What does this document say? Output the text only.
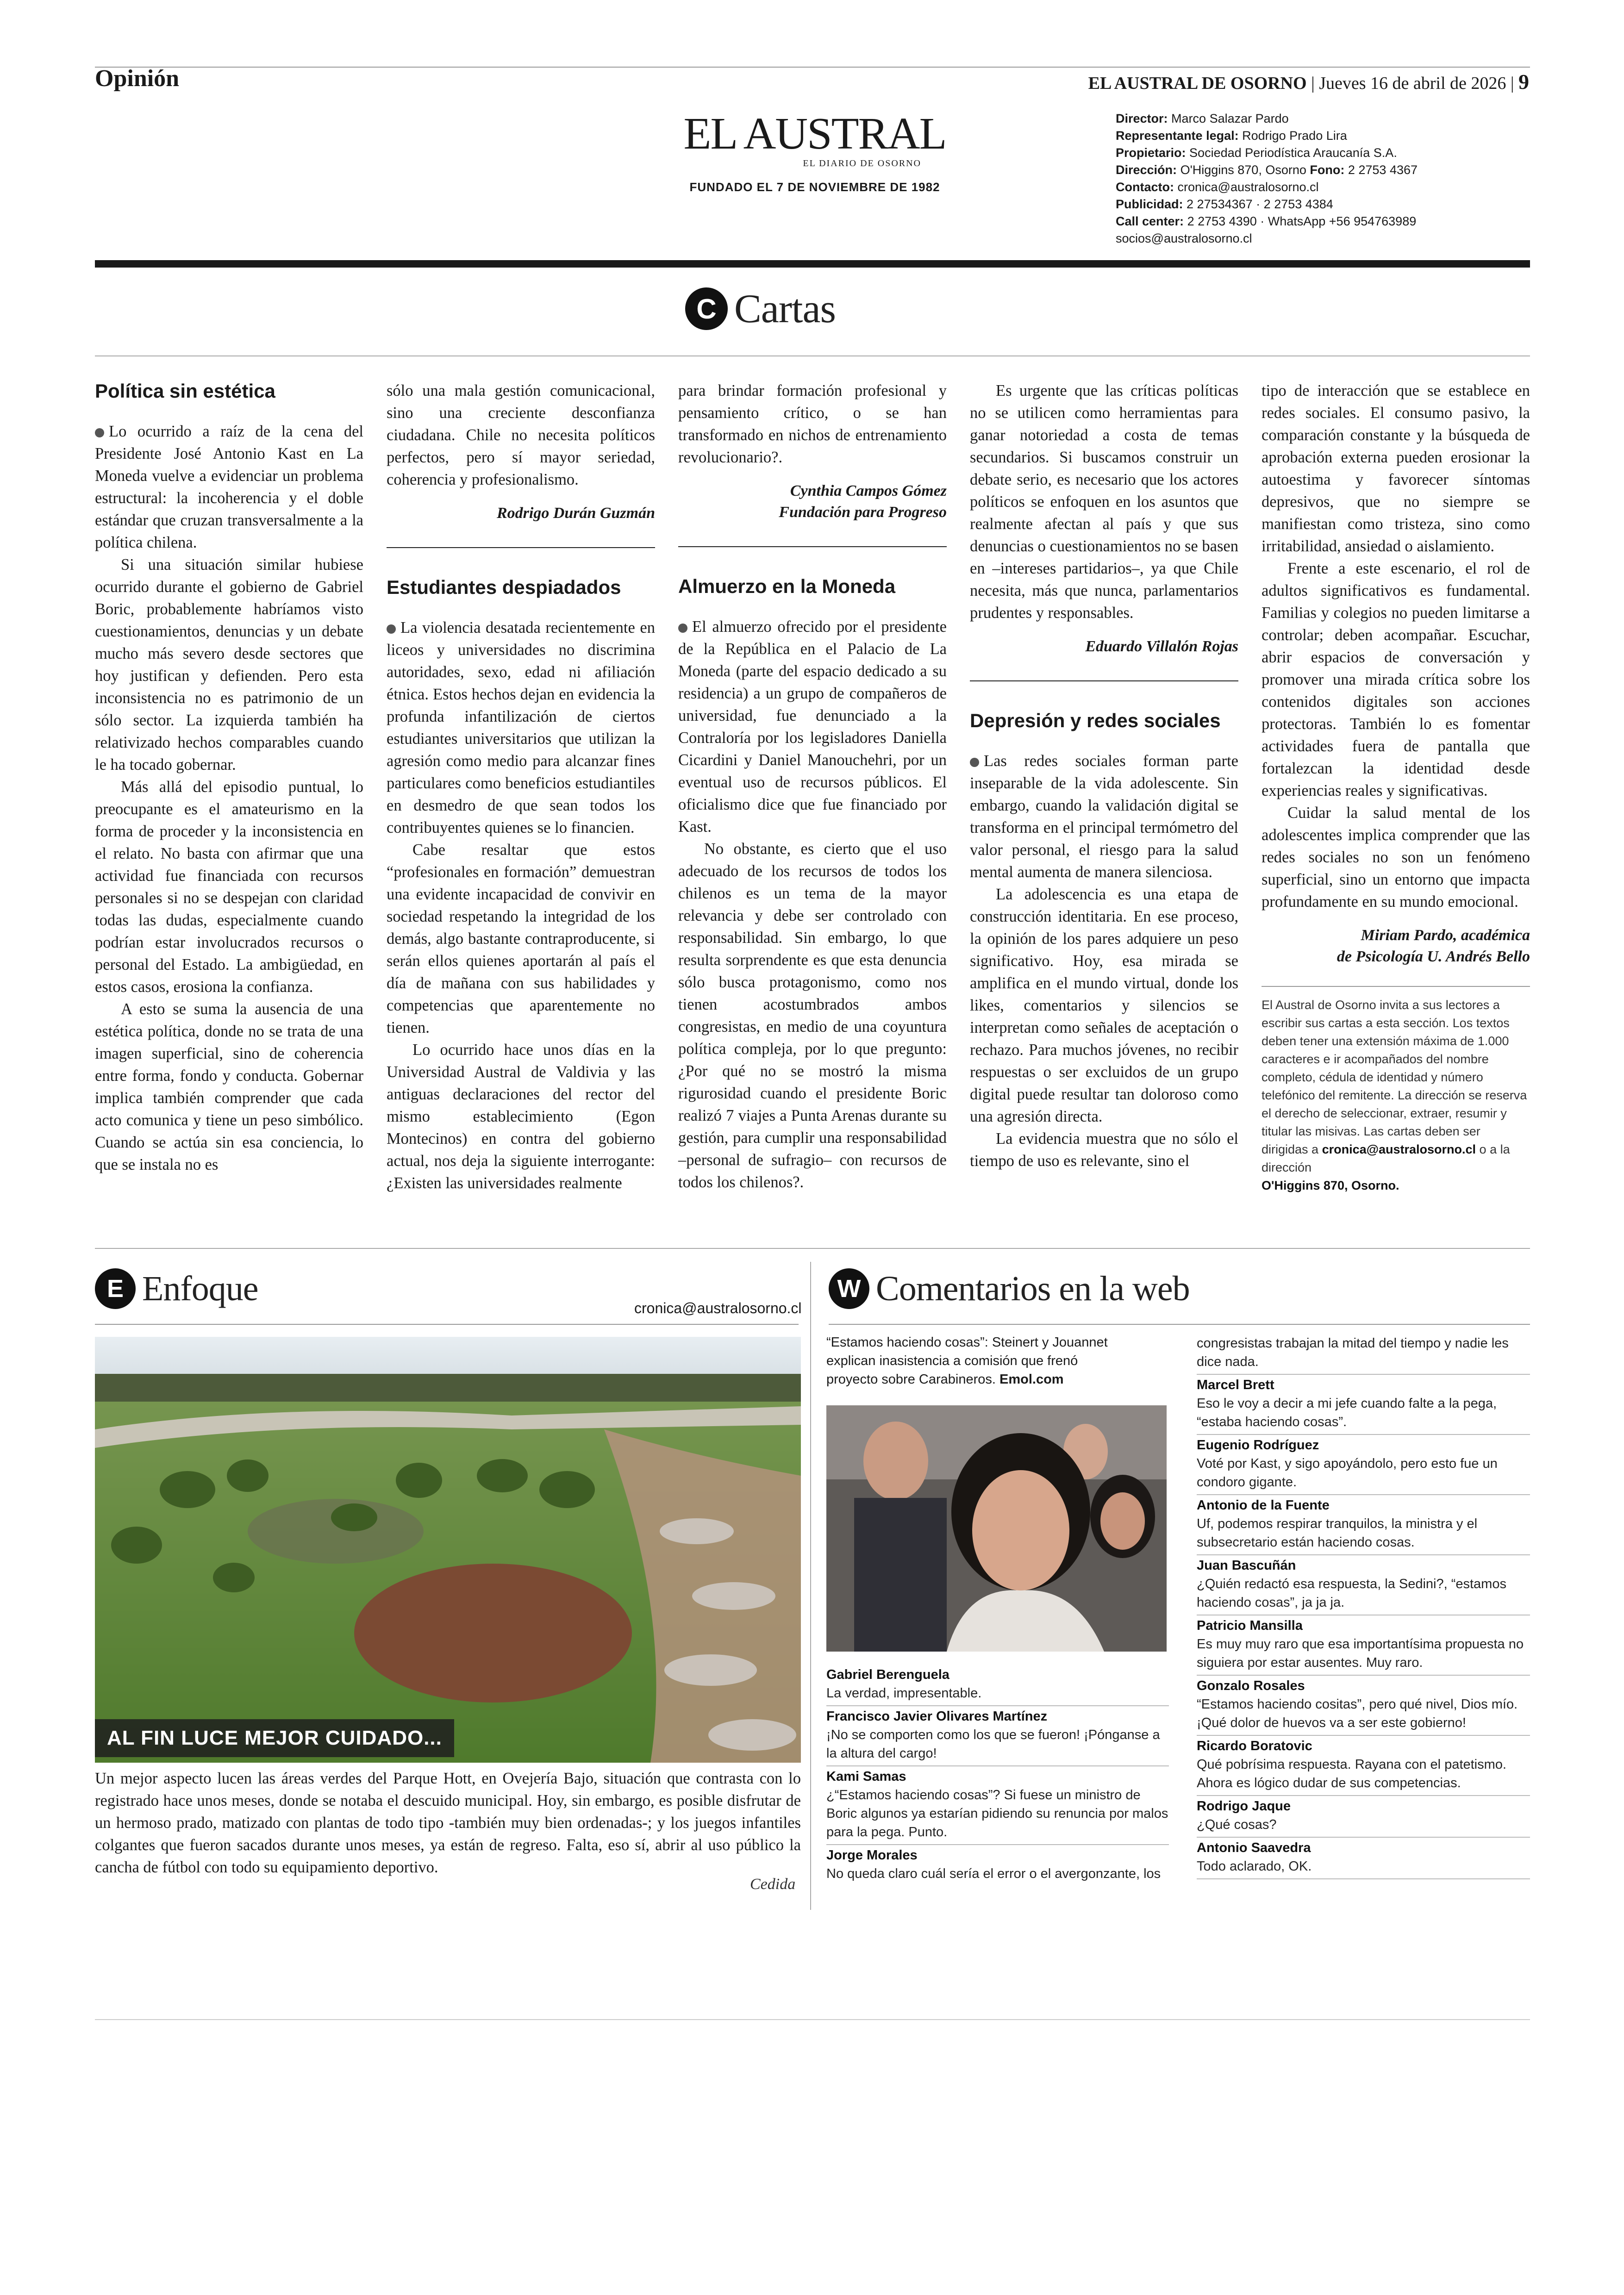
Opinión	EL AUSTRAL DE OSORNO | Jueves 16 de abril de 2026 | 9
EL AUSTRAL
EL DIARIO DE OSORNO
FUNDADO EL 7 DE NOVIEMBRE DE 1982
Director: Marco Salazar Pardo
Representante legal: Rodrigo Prado Lira
Propietario: Sociedad Periodística Araucanía S.A.
Dirección: O'Higgins 870, Osorno Fono: 2 2753 4367
Contacto: cronica@australosorno.cl
Publicidad: 2 27534367 · 2 2753 4384
Call center: 2 2753 4390 · WhatsApp +56 954763989
socios@australosorno.cl
C Cartas
Política sin estética

Lo ocurrido a raíz de la cena del Presidente José Antonio Kast en La Moneda vuelve a evidenciar un problema estructural: la incoherencia y el doble estándar que cruzan transversalmente a la política chilena.

Si una situación similar hubiese ocurrido durante el gobierno de Gabriel Boric, probablemente habríamos visto cuestionamientos, denuncias y un debate mucho más severo desde sectores que hoy justifican y defienden. Pero esta inconsistencia no es patrimonio de un sólo sector. La izquierda también ha relativizado hechos comparables cuando le ha tocado gobernar.

Más allá del episodio puntual, lo preocupante es el amateurismo en la forma de proceder y la inconsistencia en el relato. No basta con afirmar que una actividad fue financiada con recursos personales si no se despejan con claridad todas las dudas, especialmente cuando podrían estar involucrados recursos o personal del Estado. La ambigüedad, en estos casos, erosiona la confianza.

A esto se suma la ausencia de una estética política, donde no se trata de una imagen superficial, sino de coherencia entre forma, fondo y conducta. Gobernar implica también comprender que cada acto comunica y tiene un peso simbólico. Cuando se actúa sin esa conciencia, lo que se instala no es

sólo una mala gestión comunicacional, sino una creciente desconfianza ciudadana. Chile no necesita políticos perfectos, pero sí mayor seriedad, coherencia y profesionalismo.

Rodrigo Durán Guzmán
Estudiantes despiadados

La violencia desatada recientemente en liceos y universidades no discrimina autoridades, sexo, edad ni afiliación étnica. Estos hechos dejan en evidencia la profunda infantilización de ciertos estudiantes universitarios que utilizan la agresión como medio para alcanzar fines particulares como beneficios estudiantiles en desmedro de que sean todos los contribuyentes quienes se lo financien.

Cabe resaltar que estos “profesionales en formación” demuestran una evidente incapacidad de convivir en sociedad respetando la integridad de los demás, algo bastante contraproducente, si serán ellos quienes aportarán al país el día de mañana con sus habilidades y competencias que aparentemente no tienen.

Lo ocurrido hace unos días en la Universidad Austral de Valdivia y las antiguas declaraciones del rector del mismo establecimiento (Egon Montecinos) en contra del gobierno actual, nos deja la siguiente interrogante: ¿Existen las universidades realmente

para brindar formación profesional y pensamiento crítico, o se han transformado en nichos de entrenamiento revolucionario?.

Cynthia Campos Gómez
Fundación para Progreso
Almuerzo en la Moneda

El almuerzo ofrecido por el presidente de la República en el Palacio de La Moneda (parte del espacio dedicado a su residencia) a un grupo de compañeros de universidad, fue denunciado a la Contraloría por los legisladores Daniella Cicardini y Daniel Manouchehri, por un eventual uso de recursos públicos. El oficialismo dice que fue financiado por Kast.

No obstante, es cierto que el uso adecuado de los recursos de todos los chilenos es un tema de la mayor relevancia y debe ser controlado con responsabilidad. Sin embargo, lo que resulta sorprendente es que esta denuncia sólo busca protagonismo, como nos tienen acostumbrados ambos congresistas, en medio de una coyuntura política compleja, por lo que pregunto: ¿Por qué no se mostró la misma rigurosidad cuando el presidente Boric realizó 7 viajes a Punta Arenas durante su gestión, para cumplir una responsabilidad –personal de sufragio– con recursos de todos los chilenos?.

Es urgente que las críticas políticas no se utilicen como herramientas para ganar notoriedad a costa de temas secundarios. Si buscamos construir un debate serio, es necesario que los actores políticos se enfoquen en los asuntos que realmente afectan al país y que sus denuncias o cuestionamientos no se basen en –intereses partidarios–, ya que Chile necesita, más que nunca, parlamentarios prudentes y responsables.

Eduardo Villalón Rojas
Depresión y redes sociales

Las redes sociales forman parte inseparable de la vida adolescente. Sin embargo, cuando la validación digital se transforma en el principal termómetro del valor personal, el riesgo para la salud mental aumenta de manera silenciosa.

La adolescencia es una etapa de construcción identitaria. En ese proceso, la opinión de los pares adquiere un peso significativo. Hoy, esa mirada se amplifica en el mundo virtual, donde los likes, comentarios y silencios se interpretan como señales de aceptación o rechazo. Para muchos jóvenes, no recibir respuestas o ser excluidos de un grupo digital puede resultar tan doloroso como una agresión directa.

La evidencia muestra que no sólo el tiempo de uso es relevante, sino el

tipo de interacción que se establece en redes sociales. El consumo pasivo, la comparación constante y la búsqueda de aprobación externa pueden erosionar la autoestima y favorecer síntomas depresivos, que no siempre se manifiestan como tristeza, sino como irritabilidad, ansiedad o aislamiento.

Frente a este escenario, el rol de adultos significativos es fundamental. Familias y colegios no pueden limitarse a controlar; deben acompañar. Escuchar, abrir espacios de conversación y promover una mirada crítica sobre los contenidos digitales son acciones protectoras. También lo es fomentar actividades fuera de pantalla que fortalezcan la identidad desde experiencias reales y significativas.

Cuidar la salud mental de los adolescentes implica comprender que las redes sociales no son un fenómeno superficial, sino un entorno que impacta profundamente en su mundo emocional.

Miriam Pardo, académica
de Psicología U. Andrés Bello
El Austral de Osorno invita a sus lectores a escribir sus cartas a esta sección. Los textos deben tener una extensión máxima de 1.000 caracteres e ir acompañados del nombre completo, cédula de identidad y número telefónico del remitente. La dirección se reserva el derecho de seleccionar, extraer, resumir y titular las misivas. Las cartas deben ser dirigidas a cronica@australosorno.cl o a la dirección
O'Higgins 870, Osorno.
E Enfoque
cronica@australosorno.cl
AL FIN LUCE MEJOR CUIDADO...
Un mejor aspecto lucen las áreas verdes del Parque Hott, en Ovejería Bajo, situación que contrasta con lo registrado hace unos meses, donde se notaba el descuido municipal. Hoy, sin embargo, es posible disfrutar de un hermoso prado, matizado con plantas de todo tipo -también muy bien ordenadas-; y los juegos infantiles colgantes que fueron sacados durante unos meses, ya están de regreso. Falta, eso sí, abrir al uso público la cancha de fútbol con todo su equipamiento deportivo.
Cedida
W Comentarios en la web
“Estamos haciendo cosas”: Steinert y Jouannet explican inasistencia a comisión que frenó proyecto sobre Carabineros. Emol.com
Gabriel Berenguela
La verdad, impresentable.
Francisco Javier Olivares Martínez
¡No se comporten como los que se fueron! ¡Pónganse a la altura del cargo!
Kami Samas
¿“Estamos haciendo cosas”? Si fuese un ministro de Boric algunos ya estarían pidiendo su renuncia por malos para la pega. Punto.
Jorge Morales
No queda claro cuál sería el error o el avergonzante, los
congresistas trabajan la mitad del tiempo y nadie les dice nada.
Marcel Brett
Eso le voy a decir a mi jefe cuando falte a la pega, “estaba haciendo cosas”.
Eugenio Rodríguez
Voté por Kast, y sigo apoyándolo, pero esto fue un condoro gigante.
Antonio de la Fuente
Uf, podemos respirar tranquilos, la ministra y el subsecretario están haciendo cosas.
Juan Bascuñán
¿Quién redactó esa respuesta, la Sedini?, “estamos haciendo cosas”, ja ja ja.
Patricio Mansilla
Es muy muy raro que esa importantísima propuesta no siguiera por estar ausentes. Muy raro.
Gonzalo Rosales
“Estamos haciendo cositas”, pero qué nivel, Dios mío. ¡Qué dolor de huevos va a ser este gobierno!
Ricardo Boratovic
Qué pobrísima respuesta. Rayana con el patetismo. Ahora es lógico dudar de sus competencias.
Rodrigo Jaque
¿Qué cosas?
Antonio Saavedra
Todo aclarado, OK.
